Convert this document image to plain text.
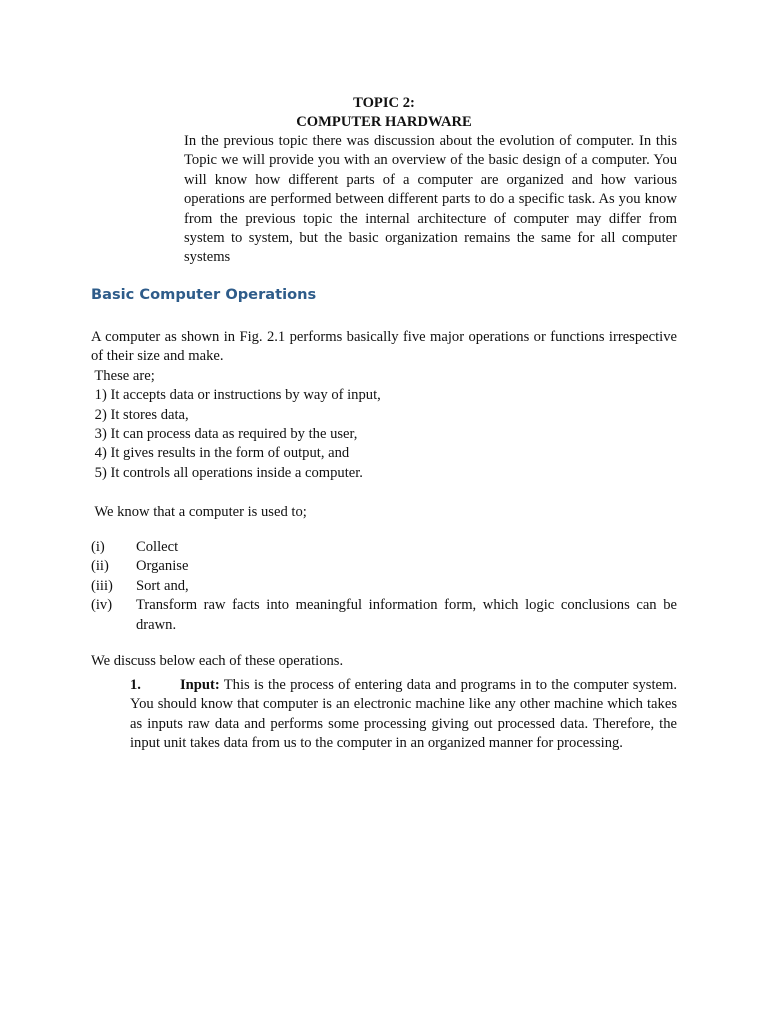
TOPIC 2:
COMPUTER HARDWARE

In the previous topic there was discussion about the evolution of computer. In this Topic we will provide you with an overview of the basic design of a computer. You will know how different parts of a computer are organized and how various operations are performed between different parts to do a specific task. As you know from the previous topic the internal architecture of computer may differ from system to system, but the basic organization remains the same for all computer systems

Basic Computer Operations

A computer as shown in Fig. 2.1 performs basically five major operations or functions irrespective of their size and make.

These are;

1) It accepts data or instructions by way of input,

2) It stores data,

3) It can process data as required by the user,

4) It gives results in the form of output, and

5) It controls all operations inside a computer.

We know that a computer is used to;

(i)	Collect
(ii)	Organise
(iii)	Sort and,
(iv)	Transform raw facts into meaningful information form, which logic conclusions can be drawn.

We discuss below each of these operations.

1.	Input: This is the process of entering data and programs in to the computer system. You should know that computer is an electronic machine like any other machine which takes as inputs raw data and performs some processing giving out processed data. Therefore, the input unit takes data from us to the computer in an organized manner for processing.
